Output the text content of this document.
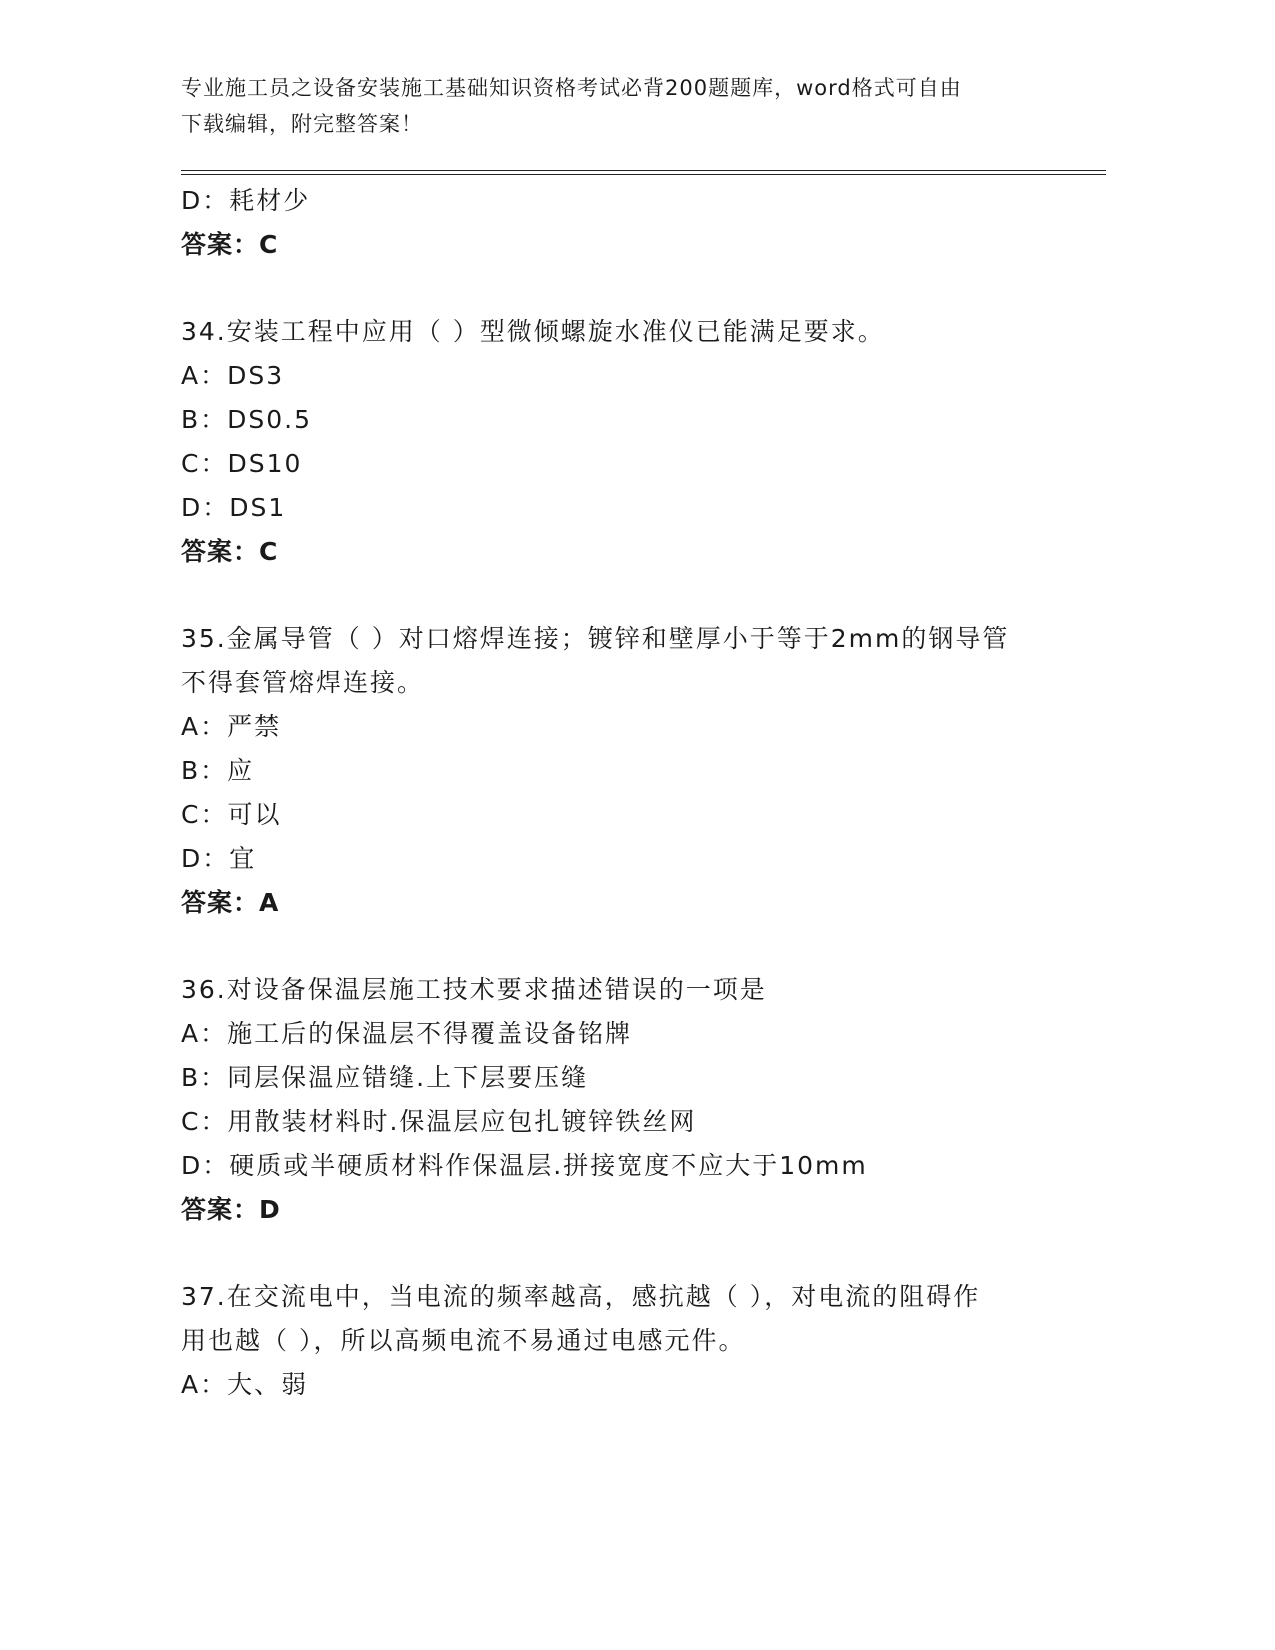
专业施工员之设备安装施工基础知识资格考试必背200题题库，word格式可自由
下载编辑，附完整答案！
D：耗材少
答案：C
34.安装工程中应用（ ）型微倾螺旋水准仪已能满足要求。
A：DS3
B：DS0.5
C：DS10
D：DS1
答案：C
35.金属导管（ ）对口熔焊连接；镀锌和壁厚小于等于2mm的钢导管
不得套管熔焊连接。
A：严禁
B：应
C：可以
D：宜
答案：A
36.对设备保温层施工技术要求描述错误的一项是
A：施工后的保温层不得覆盖设备铭牌
B：同层保温应错缝.上下层要压缝
C：用散装材料时.保温层应包扎镀锌铁丝网
D：硬质或半硬质材料作保温层.拼接宽度不应大于10mm
答案：D
37.在交流电中，当电流的频率越高，感抗越（ ），对电流的阻碍作
用也越（ ），所以高频电流不易通过电感元件。
A：大、弱
